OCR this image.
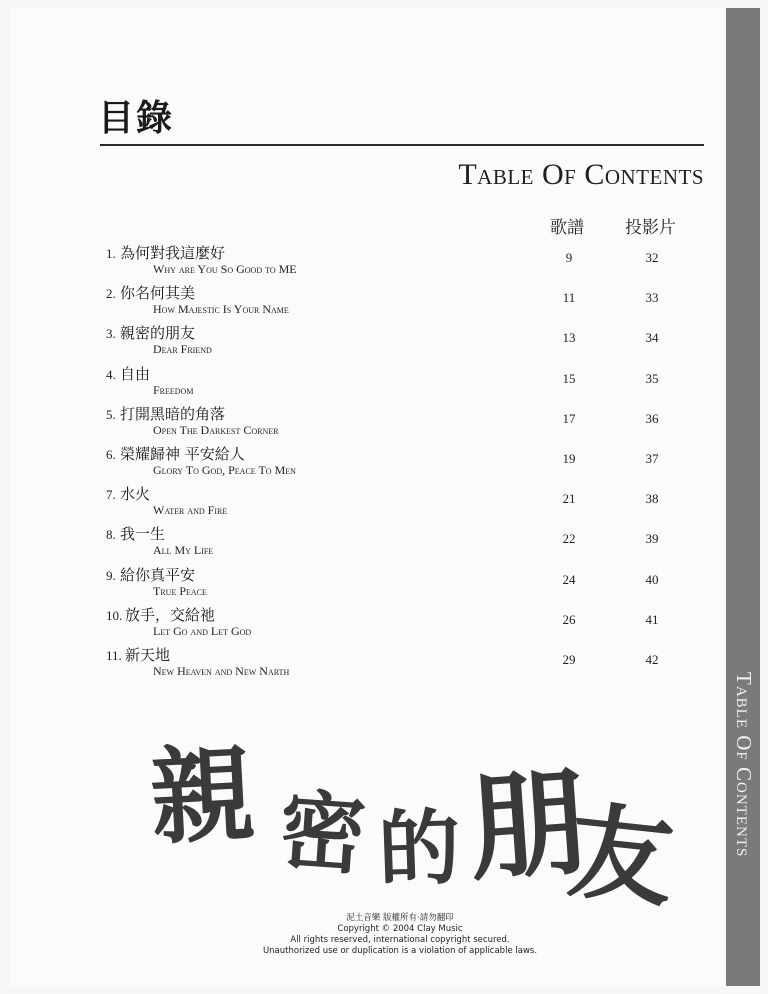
Table Of Contents
目錄
Table Of Contents
歌譜 投影片
1. 為何對我這麼好
Why are You So Good to ME
9	32
2. 你名何其美
How Majestic Is Your Name
11	33
3. 親密的朋友
Dear Friend
13	34
4. 自由
Freedom
15	35
5. 打開黑暗的角落
Open The Darkest Corner
17	36
6. 榮耀歸神 平安給人
Glory To God, Peace To Men
19	37
7. 水火
Water and Fire
21	38
8. 我一生
All My Life
22	39
9. 給你真平安
True Peace
24	40
10. 放手，交給祂
Let Go and Let God
26	41
11. 新天地
New Heaven and New Narth
29	42
親 密 的 朋
友
泥土音樂 版權所有‧請勿翻印
Copyright © 2004 Clay Music
All rights reserved, international copyright secured.
Unauthorized use or duplication is a violation of applicable laws.
